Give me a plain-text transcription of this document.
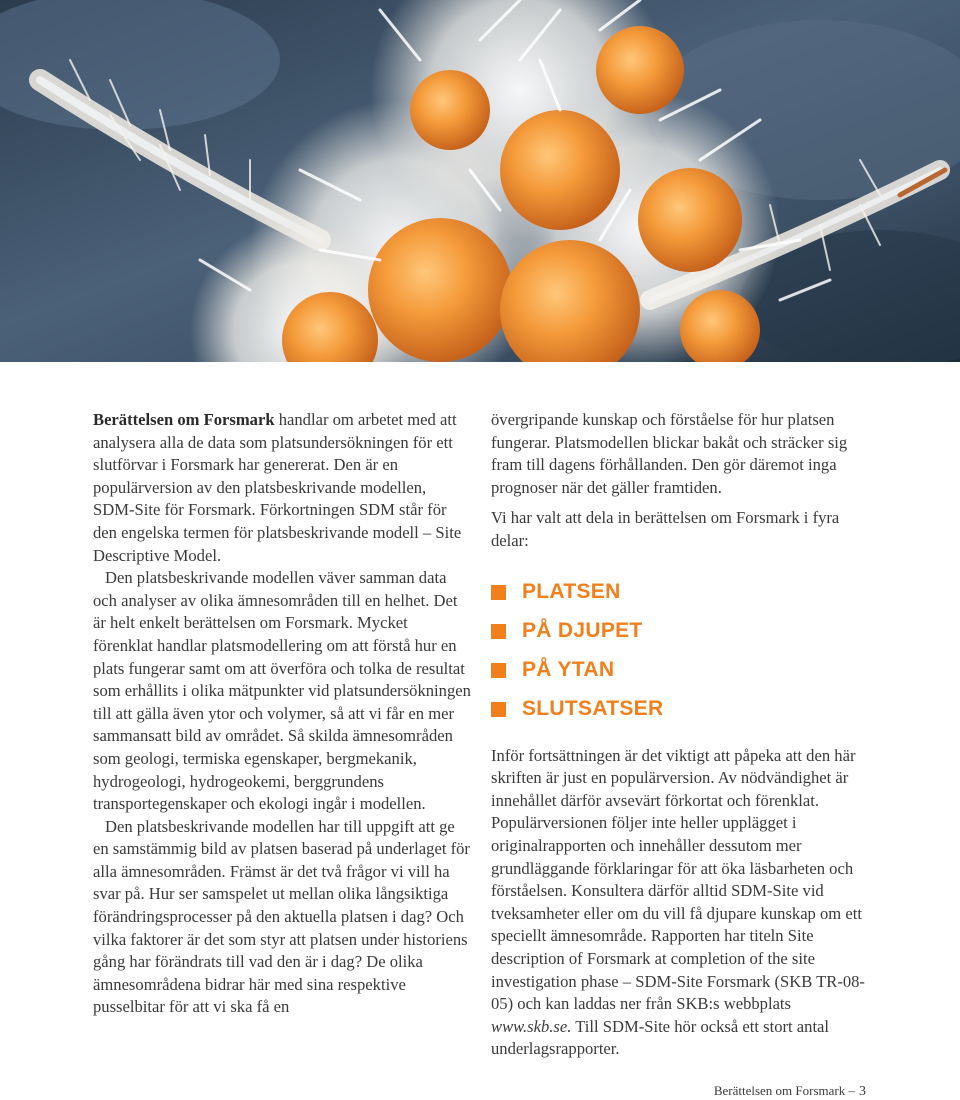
Berättelsen om Forsmark handlar om arbetet med att analysera alla de data som platsundersökningen för ett slutförvar i Forsmark har genererat. Den är en populärversion av den platsbeskrivande modellen, SDM-Site för Forsmark. Förkortningen SDM står för den engelska termen för platsbeskrivande modell – Site Descriptive Model.

Den platsbeskrivande modellen väver samman data och analyser av olika ämnesområden till en helhet. Det är helt enkelt berättelsen om Forsmark. Mycket förenklat handlar platsmodellering om att förstå hur en plats fungerar samt om att överföra och tolka de resultat som erhållits i olika mätpunkter vid platsundersökningen till att gälla även ytor och volymer, så att vi får en mer sammansatt bild av området. Så skilda ämnesområden som geologi, termiska egenskaper, bergmekanik, hydrogeologi, hydrogeokemi, berggrundens transportegenskaper och ekologi ingår i modellen.

Den platsbeskrivande modellen har till uppgift att ge en samstämmig bild av platsen baserad på underlaget för alla ämnesområden. Främst är det två frågor vi vill ha svar på. Hur ser samspelet ut mellan olika långsiktiga förändringsprocesser på den aktuella platsen i dag? Och vilka faktorer är det som styr att platsen under historiens gång har förändrats till vad den är i dag? De olika ämnesområdena bidrar här med sina respektive pusselbitar för att vi ska få en

övergripande kunskap och förståelse för hur platsen fungerar. Platsmodellen blickar bakåt och sträcker sig fram till dagens förhållanden. Den gör däremot inga prognoser när det gäller framtiden.

Vi har valt att dela in berättelsen om Forsmark i fyra delar:

PLATSEN
PÅ DJUPET
PÅ YTAN
SLUTSATSER

Inför fortsättningen är det viktigt att påpeka att den här skriften är just en populärversion. Av nödvändighet är innehållet därför avsevärt förkortat och förenklat. Populärversionen följer inte heller upplägget i originalrapporten och innehåller dessutom mer grundläggande förklaringar för att öka läsbarheten och förståelsen. Konsultera därför alltid SDM-Site vid tveksamheter eller om du vill få djupare kunskap om ett speciellt ämnesområde. Rapporten har titeln Site description of Forsmark at completion of the site investigation phase – SDM-Site Forsmark (SKB TR-08-05) och kan laddas ner från SKB:s webbplats www.skb.se. Till SDM-Site hör också ett stort antal underlagsrapporter.

Berättelsen om Forsmark – 3
